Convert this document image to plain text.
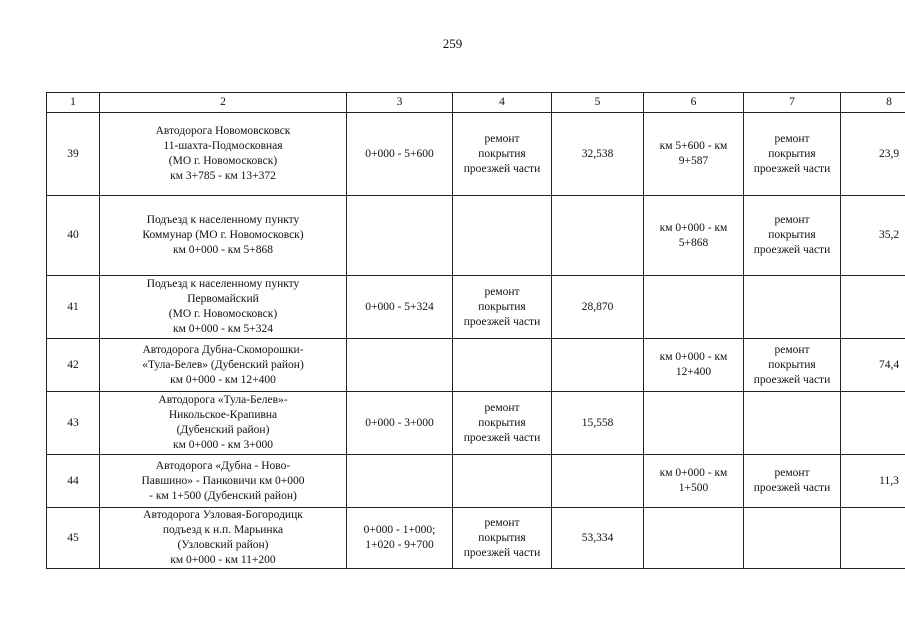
259
1	2	3	4	5	6	7	8
39	Автодорога Новомовсковск
11-шахта-Подмосковная
(МО г. Новомосковск)
км 3+785 - км 13+372	0+000 - 5+600	ремонт
покрытия
проезжей части	32,538	км 5+600 - км
9+587	ремонт
покрытия
проезжей части	23,9
40	Подъезд к населенному пункту
Коммунар (МО г. Новомосковск)
км 0+000 - км 5+868				км 0+000 - км
5+868	ремонт
покрытия
проезжей части	35,2
41	Подъезд к населенному пункту
Первомайский
(МО г. Новомосковск)
км 0+000 - км 5+324	0+000 - 5+324	ремонт
покрытия
проезжей части	28,870			
42	Автодорога Дубна-Скоморошки-
«Тула-Белев» (Дубенский район)
км 0+000 - км 12+400				км 0+000 - км
12+400	ремонт
покрытия
проезжей части	74,4
43	Автодорога «Тула-Белев»-
Никольское-Крапивна
(Дубенский район)
км 0+000 - км 3+000	0+000 - 3+000	ремонт
покрытия
проезжей части	15,558			
44	Автодорога «Дубна - Ново-
Павшино» - Панковичи км 0+000
- км 1+500 (Дубенский район)				км 0+000 - км
1+500	ремонт
проезжей части	11,3
45	Автодорога Узловая-Богородицк
подъезд к н.п. Марьинка
(Узловский район)
км 0+000 - км 11+200	0+000 - 1+000;
1+020 - 9+700	ремонт
покрытия
проезжей части	53,334			
